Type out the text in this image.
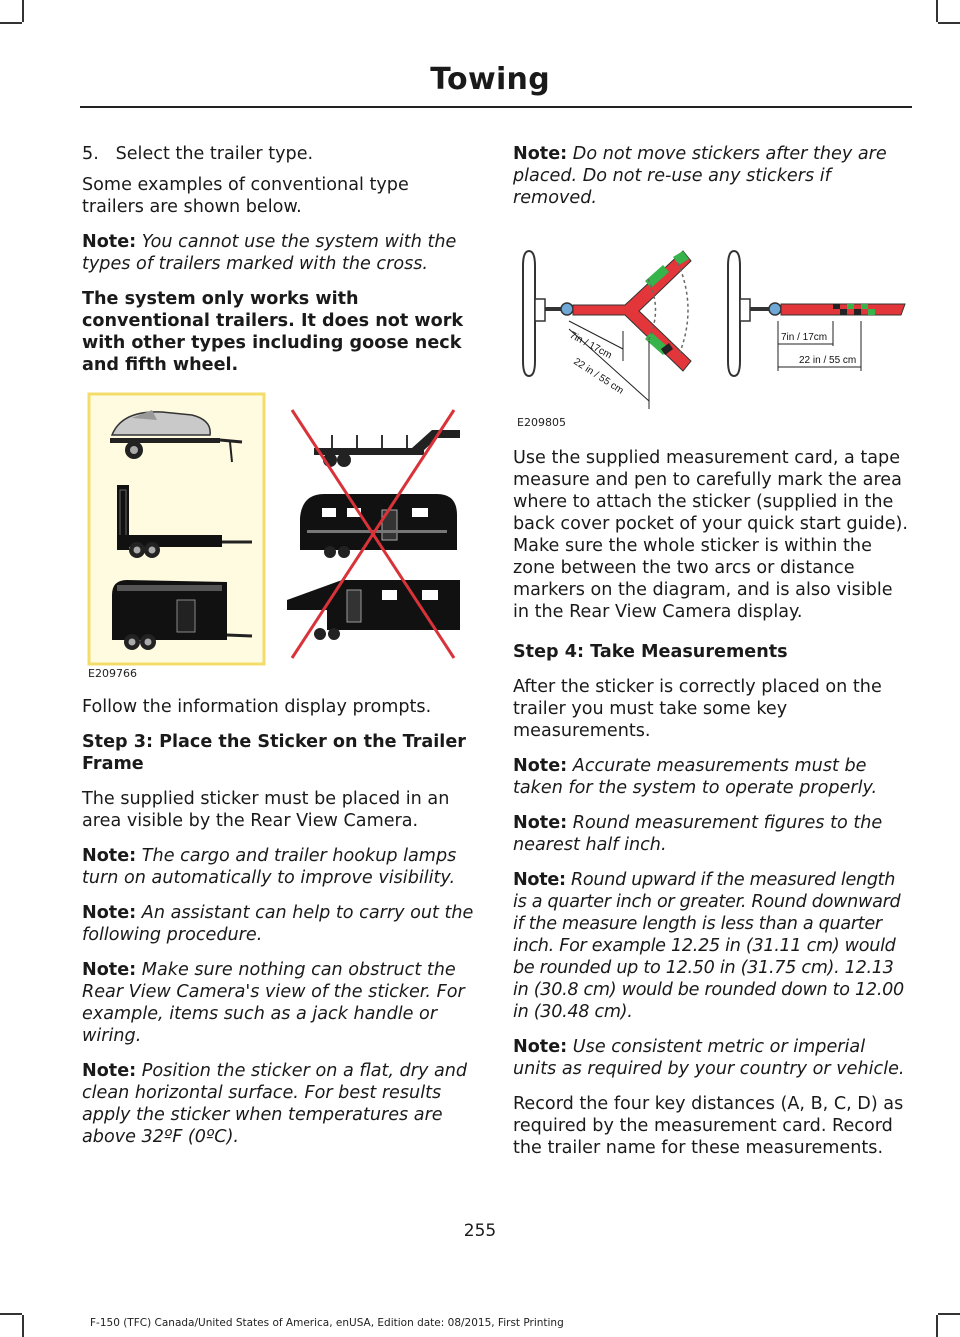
Towing

5.   Select the trailer type.

Some examples of conventional type trailers are shown below.

Note: You cannot use the system with the types of trailers marked with the cross.

The system only works with conventional trailers. It does not work with other types including goose neck and fifth wheel.

E209766

Follow the information display prompts.

Step 3: Place the Sticker on the Trailer Frame

The supplied sticker must be placed in an area visible by the Rear View Camera.

Note: The cargo and trailer hookup lamps turn on automatically to improve visibility.

Note: An assistant can help to carry out the following procedure.

Note: Make sure nothing can obstruct the Rear View Camera's view of the sticker. For example, items such as a jack handle or wiring.

Note: Position the sticker on a flat, dry and clean horizontal surface. For best results apply the sticker when temperatures are above 32ºF (0ºC).

Note: Do not move stickers after they are placed. Do not re-use any stickers if removed.

7in / 17cm
22 in / 55 cm
7in / 17cm
22 in / 55 cm
E209805

Use the supplied measurement card, a tape measure and pen to carefully mark the area where to attach the sticker (supplied in the back cover pocket of your quick start guide). Make sure the whole sticker is within the zone between the two arcs or distance markers on the diagram, and is also visible in the Rear View Camera display.

Step 4: Take Measurements

After the sticker is correctly placed on the trailer you must take some key measurements.

Note: Accurate measurements must be taken for the system to operate properly.

Note: Round measurement figures to the nearest half inch.

Note: Round upward if the measured length is a quarter inch or greater. Round downward if the measure length is less than a quarter inch. For example 12.25 in (31.11 cm) would be rounded up to 12.50 in (31.75 cm). 12.13 in (30.8 cm) would be rounded down to 12.00 in (30.48 cm).

Note: Use consistent metric or imperial units as required by your country or vehicle.

Record the four key distances (A, B, C, D) as required by the measurement card. Record the trailer name for these measurements.

255
F-150 (TFC) Canada/United States of America, enUSA, Edition date: 08/2015, First Printing
